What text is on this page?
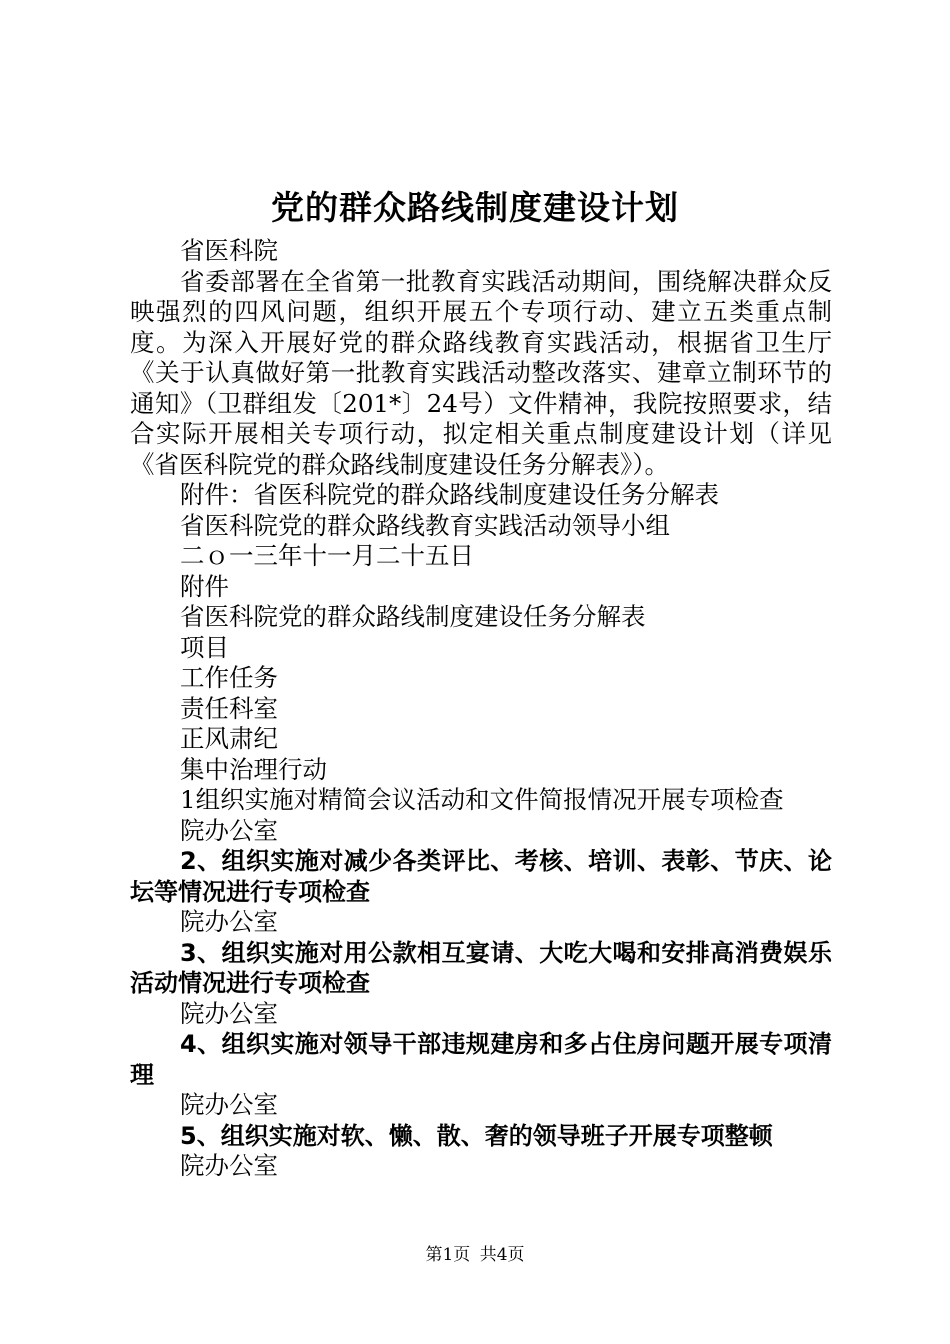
党的群众路线制度建设计划

省医科院

省委部署在全省第一批教育实践活动期间，围绕解决群众反映强烈的四风问题，组织开展五个专项行动、建立五类重点制度。为深入开展好党的群众路线教育实践活动，根据省卫生厅《关于认真做好第一批教育实践活动整改落实、建章立制环节的通知》（卫群组发〔201*〕24号）文件精神，我院按照要求，结合实际开展相关专项行动，拟定相关重点制度建设计划（详见《省医科院党的群众路线制度建设任务分解表》）。

附件：省医科院党的群众路线制度建设任务分解表

省医科院党的群众路线教育实践活动领导小组

二ｏ一三年十一月二十五日

附件

省医科院党的群众路线制度建设任务分解表

项目

工作任务

责任科室

正风肃纪

集中治理行动

1组织实施对精简会议活动和文件简报情况开展专项检查

院办公室

2、组织实施对减少各类评比、考核、培训、表彰、节庆、论坛等情况进行专项检查

院办公室

3、组织实施对用公款相互宴请、大吃大喝和安排高消费娱乐活动情况进行专项检查

院办公室

4、组织实施对领导干部违规建房和多占住房问题开展专项清理

院办公室

5、组织实施对软、懒、散、奢的领导班子开展专项整顿

院办公室

第1页 共4页
